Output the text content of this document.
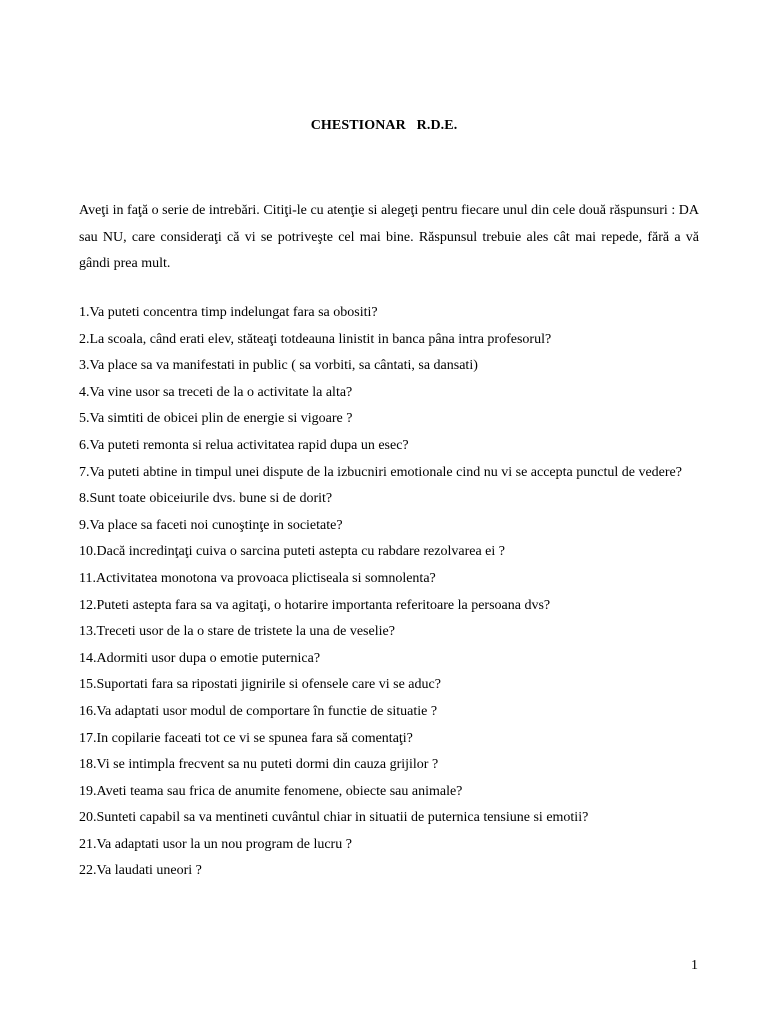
CHESTIONAR   R.D.E.

Aveţi in faţă o serie de intrebări. Citiţi-le cu atenţie si alegeţi pentru fiecare unul din cele două răspunsuri : DA sau NU, care consideraţi că vi se potriveşte cel mai bine. Răspunsul trebuie ales cât mai repede, fără a vă gândi prea mult.

1.Va puteti concentra timp indelungat fara sa obositi?
2.La scoala, când erati elev, stăteaţi totdeauna linistit in banca pâna intra profesorul?
3.Va place sa va manifestati in public ( sa vorbiti, sa cântati, sa dansati)
4.Va vine usor sa treceti de la o activitate la alta?
5.Va simtiti de obicei plin de energie si vigoare ?
6.Va puteti remonta si relua activitatea rapid dupa un esec?
7.Va puteti abtine in timpul unei dispute de la izbucniri emotionale cind nu vi se accepta punctul de vedere?
8.Sunt toate obiceiurile dvs. bune si de dorit?
9.Va place sa faceti noi cunoştinţe in societate?
10.Dacă incredinţaţi cuiva o sarcina puteti astepta cu rabdare rezolvarea ei ?
11.Activitatea monotona va provoaca plictiseala si somnolenta?
12.Puteti astepta fara sa va agitaţi, o hotarire importanta referitoare la persoana dvs?
13.Treceti usor de la o stare de tristete la una de veselie?
14.Adormiti usor dupa o emotie puternica?
15.Suportati fara sa ripostati jignirile si ofensele care vi se aduc?
16.Va adaptati usor modul de comportare în functie de situatie ?
17.In copilarie faceati tot ce vi se spunea fara să comentaţi?
18.Vi se intimpla frecvent sa nu puteti dormi din cauza grijilor ?
19.Aveti teama sau frica de anumite fenomene, obiecte sau animale?
20.Sunteti capabil sa va mentineti cuvântul chiar in situatii de puternica tensiune si emotii?
21.Va adaptati usor la un nou program de lucru ?
22.Va laudati uneori ?
1
